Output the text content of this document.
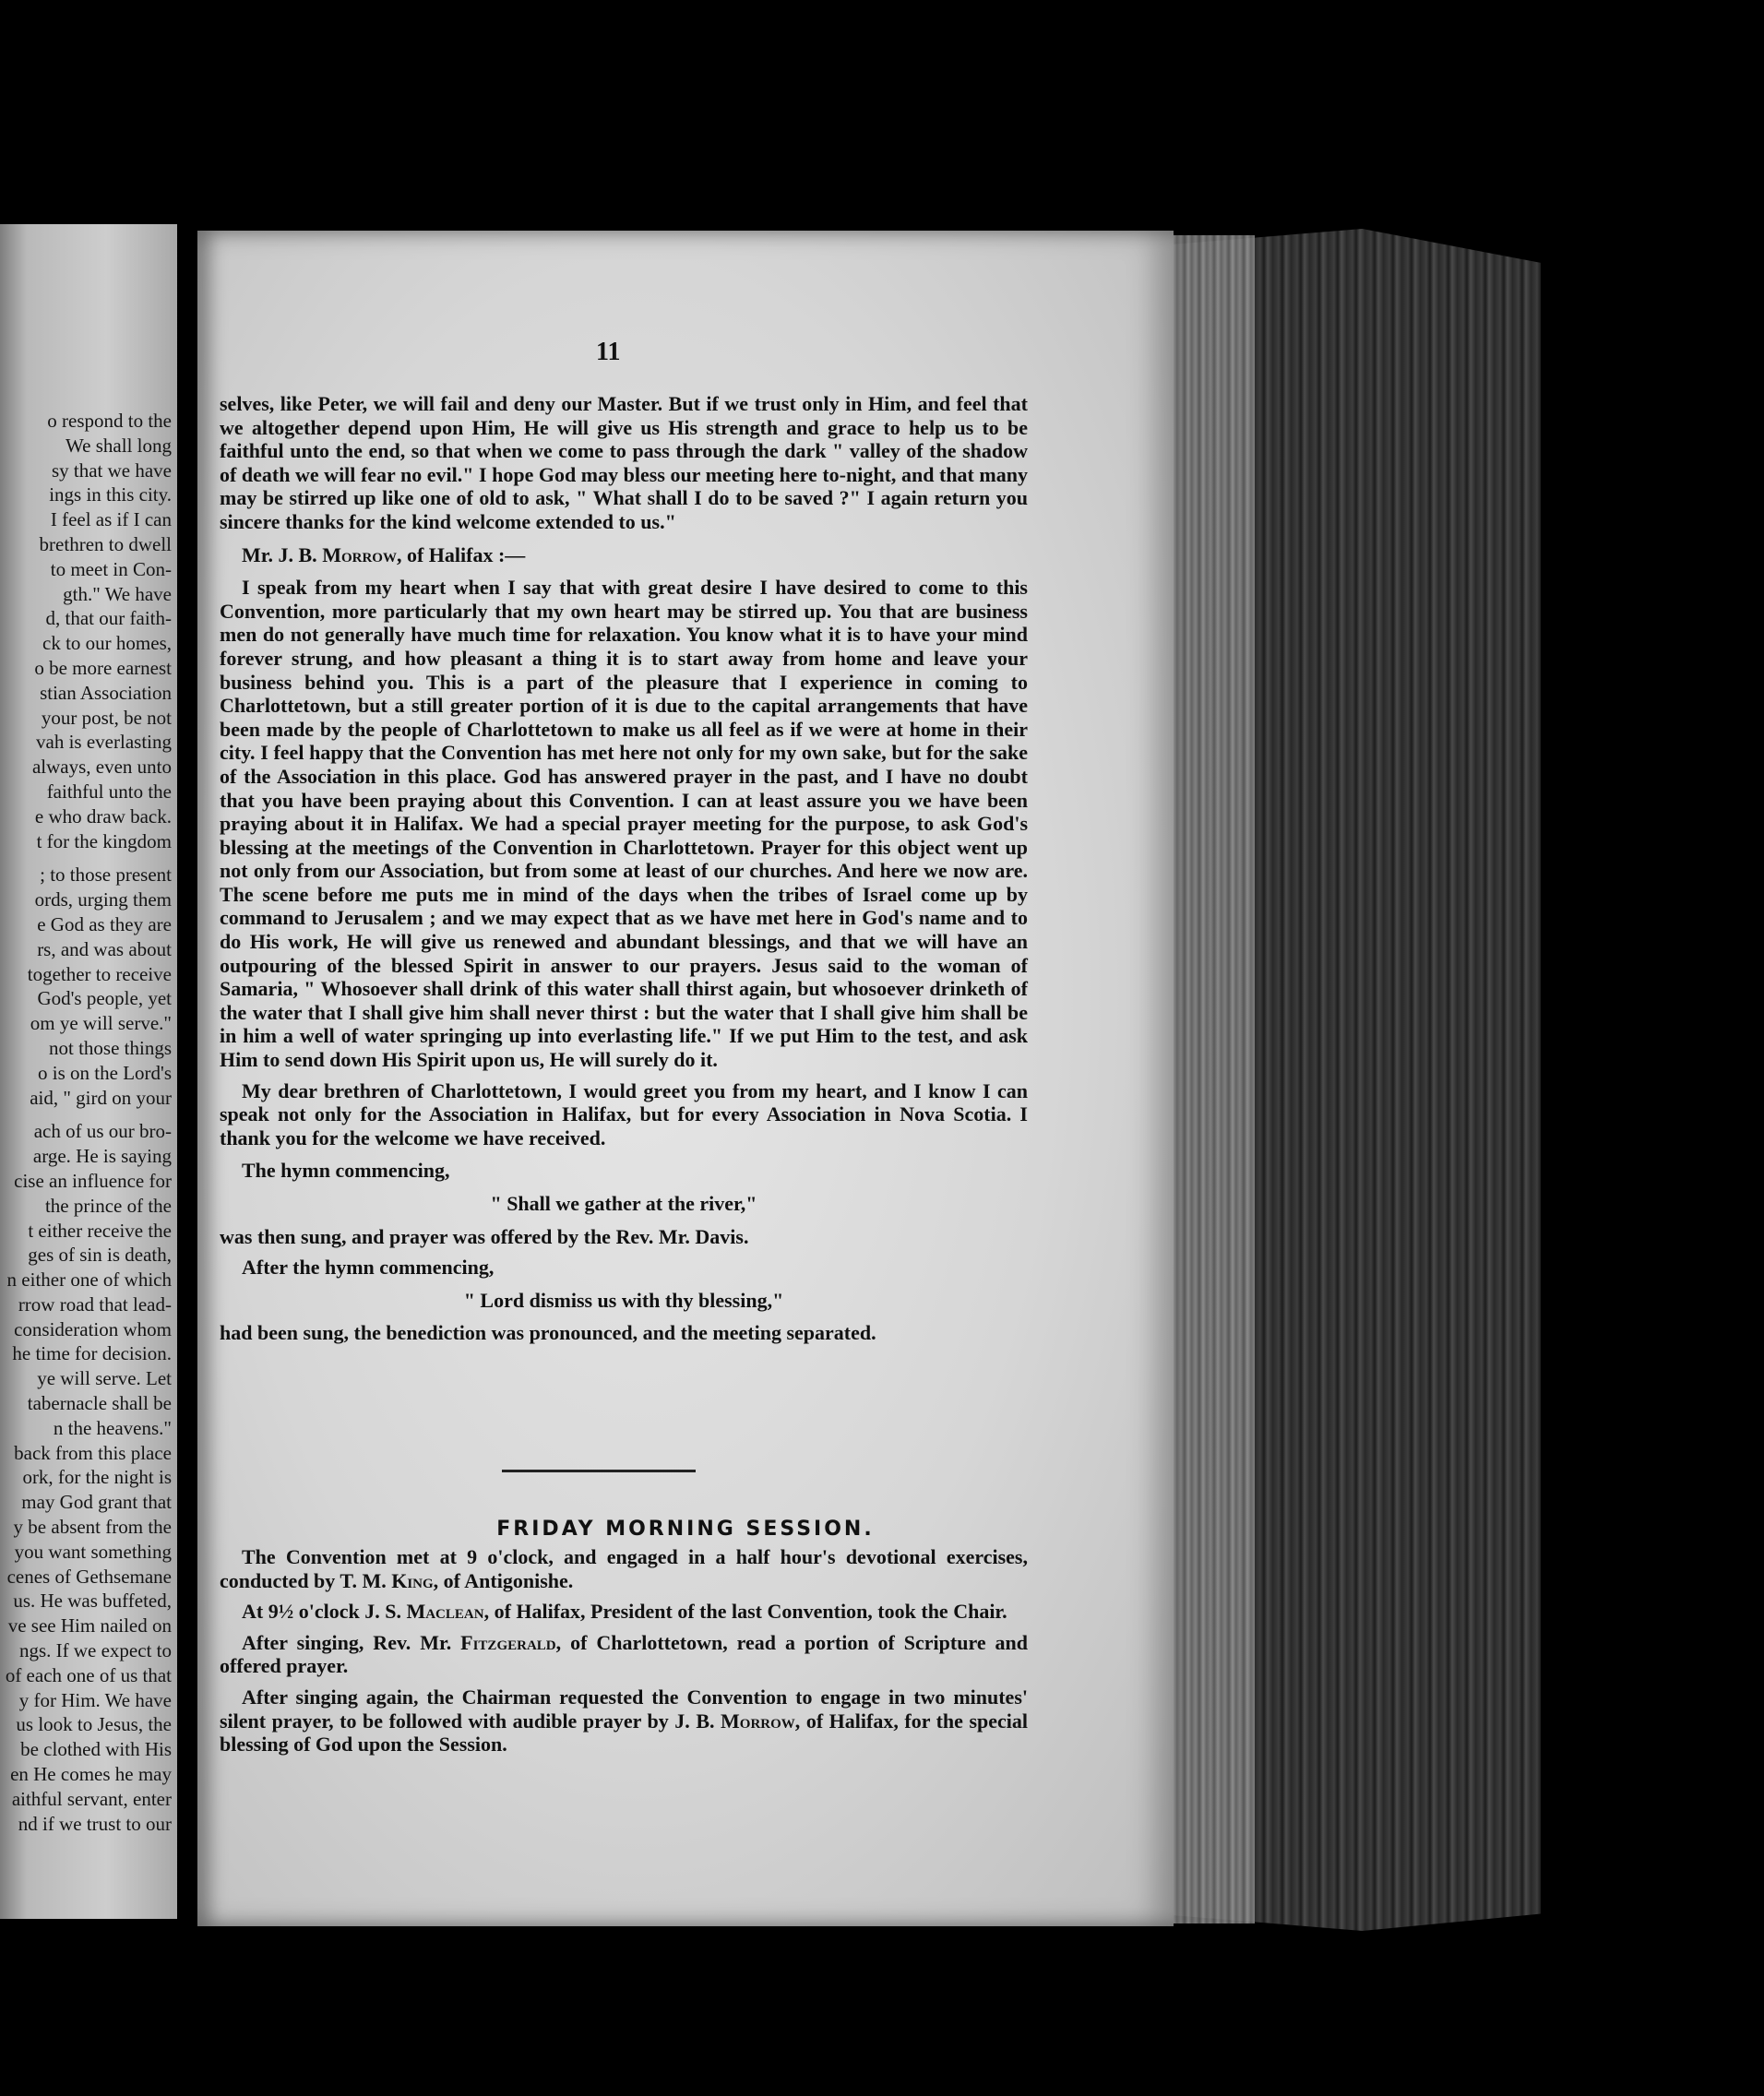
o respond to the
We shall long
sy that we have
ings in this city.
I feel as if I can
brethren to dwell
to meet in Con-
gth." We have
d, that our faith-
ck to our homes,
o be more earnest
stian Association
your post, be not
vah is everlasting
always, even unto
faithful unto the
e who draw back.
t for the kingdom
; to those present
ords, urging them
e God as they are
rs, and was about
together to receive
God's people, yet
om ye will serve."
not those things
o is on the Lord's
aid, " gird on your
ach of us our bro-
arge. He is saying
cise an influence for
the prince of the
t either receive the
ges of sin is death,
n either one of which
rrow road that lead-
consideration whom
he time for decision.
ye will serve. Let
tabernacle shall be
n the heavens."
back from this place
ork, for the night is
may God grant that
y be absent from the
you want something
cenes of Gethsemane
us. He was buffeted,
ve see Him nailed on
ngs. If we expect to
of each one of us that
y for Him. We have
us look to Jesus, the
be clothed with His
en He comes he may
aithful servant, enter
nd if we trust to our
11

selves, like Peter, we will fail and deny our Master. But if we trust only in Him, and feel that we altogether depend upon Him, He will give us His strength and grace to help us to be faithful unto the end, so that when we come to pass through the dark " valley of the shadow of death we will fear no evil." I hope God may bless our meeting here to-night, and that many may be stirred up like one of old to ask, " What shall I do to be saved ?" I again return you sincere thanks for the kind welcome extended to us."

Mr. J. B. Morrow, of Halifax :—

I speak from my heart when I say that with great desire I have desired to come to this Convention, more particularly that my own heart may be stirred up. You that are business men do not generally have much time for relaxation. You know what it is to have your mind forever strung, and how pleasant a thing it is to start away from home and leave your business behind you. This is a part of the pleasure that I experience in coming to Charlottetown, but a still greater portion of it is due to the capital arrangements that have been made by the people of Charlottetown to make us all feel as if we were at home in their city. I feel happy that the Convention has met here not only for my own sake, but for the sake of the Association in this place. God has answered prayer in the past, and I have no doubt that you have been praying about this Convention. I can at least assure you we have been praying about it in Halifax. We had a special prayer meeting for the purpose, to ask God's blessing at the meetings of the Convention in Charlottetown. Prayer for this object went up not only from our Association, but from some at least of our churches. And here we now are. The scene before me puts me in mind of the days when the tribes of Israel come up by command to Jerusalem ; and we may expect that as we have met here in God's name and to do His work, He will give us renewed and abundant blessings, and that we will have an outpouring of the blessed Spirit in answer to our prayers. Jesus said to the woman of Samaria, " Whosoever shall drink of this water shall thirst again, but whosoever drinketh of the water that I shall give him shall never thirst : but the water that I shall give him shall be in him a well of water springing up into everlasting life." If we put Him to the test, and ask Him to send down His Spirit upon us, He will surely do it.

My dear brethren of Charlottetown, I would greet you from my heart, and I know I can speak not only for the Association in Halifax, but for every Association in Nova Scotia. I thank you for the welcome we have received.

The hymn commencing,

" Shall we gather at the river,"

was then sung, and prayer was offered by the Rev. Mr. Davis.

After the hymn commencing,

" Lord dismiss us with thy blessing,"

had been sung, the benediction was pronounced, and the meeting separated.

FRIDAY MORNING SESSION.

The Convention met at 9 o'clock, and engaged in a half hour's devotional exercises, conducted by T. M. King, of Antigonishe.

At 9½ o'clock J. S. Maclean, of Halifax, President of the last Convention, took the Chair.

After singing, Rev. Mr. Fitzgerald, of Charlottetown, read a portion of Scripture and offered prayer.

After singing again, the Chairman requested the Convention to engage in two minutes' silent prayer, to be followed with audible prayer by J. B. Morrow, of Halifax, for the special blessing of God upon the Session.
